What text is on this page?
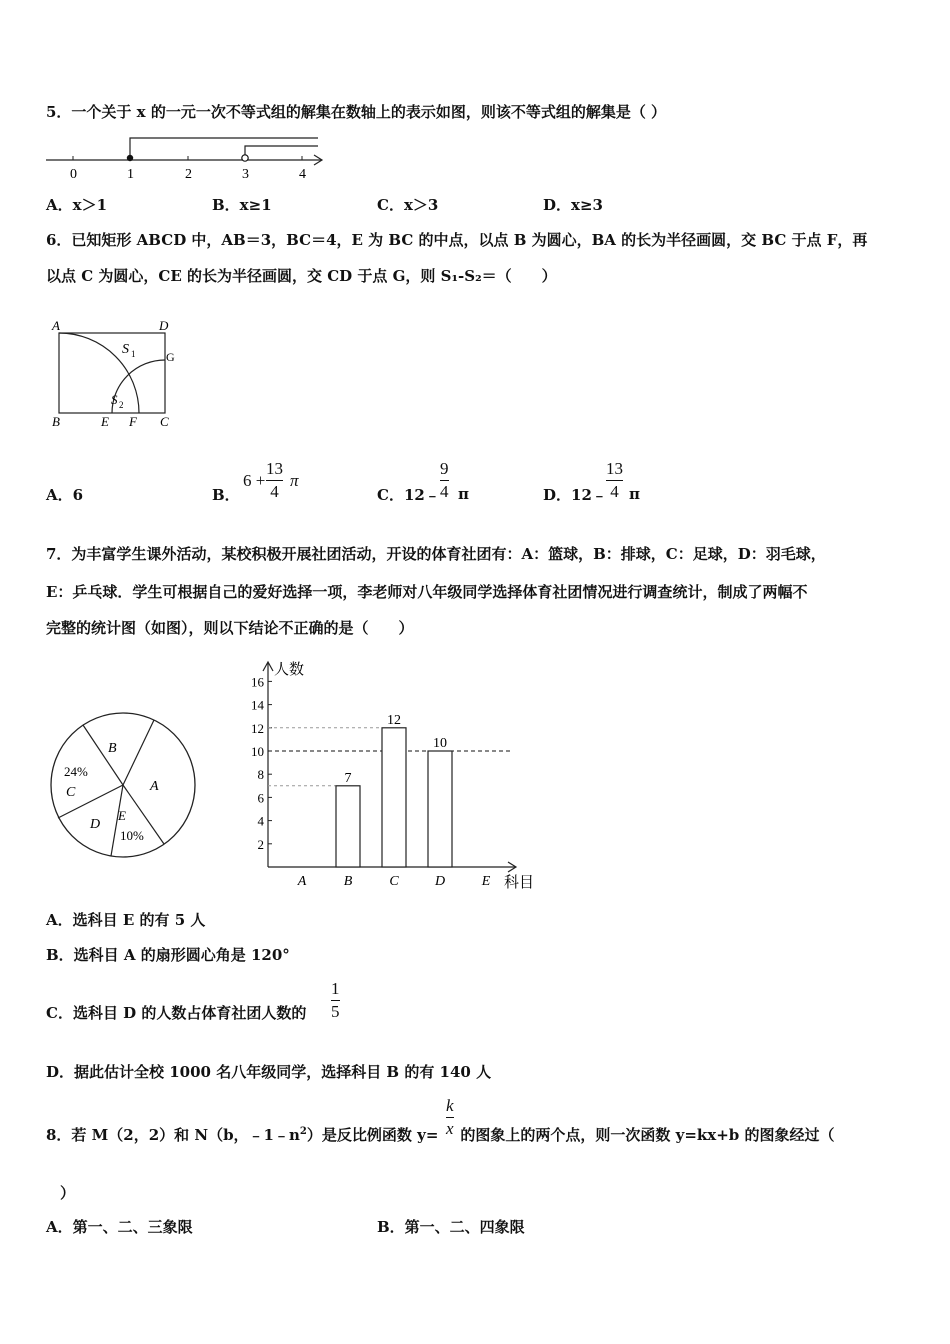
5．一个关于 x 的一元一次不等式组的解集在数轴上的表示如图，则该不等式组的解集是（ ）
0	1	2	3	4
A．x＞1	B．x≥1	C．x＞3	D．x≥3
6．已知矩形 ABCD 中，AB＝3，BC＝4，E 为 BC 的中点，以点 B 为圆心，BA 的长为半径画圆，交 BC 于点 F，再
以点 C 为圆心，CE 的长为半径画圆，交 CD 于点 G，则 S₁-S₂＝（　　）
A	D
B	C
E F
G
S 1
S 2
A．6	B．
6 +
13
4
π
C．12﹣
9
4 π	D．12﹣
13
4 π
7．为丰富学生课外活动，某校积极开展社团活动，开设的体育社团有：A：篮球，B：排球，C：足球，D：羽毛球，
E：乒乓球．学生可根据自己的爱好选择一项，李老师对八年级同学选择体育社团情况进行调查统计，制成了两幅不
完整的统计图（如图），则以下结论不正确的是（　　）
B
A
24%
C
D
E
10%
人数
科目
2
4
6
8
10
12
14
16
A	B
7
C
12
D
10
E
A．选科目 E 的有 5 人
B．选科目 A 的扇形圆心角是 120°
C．选科目 D 的人数占体育社团人数的
1
5
D．据此估计全校 1000 名八年级同学，选择科目 B 的有 140 人
8．若 M（2，2）和 N（b，$﹣1﹣n^2$）是反比例函数 y= 的图象上的两个点，则一次函数 y=kx+b 的图象经过（
k
x
）
A．第一、二、三象限	B．第一、二、四象限
